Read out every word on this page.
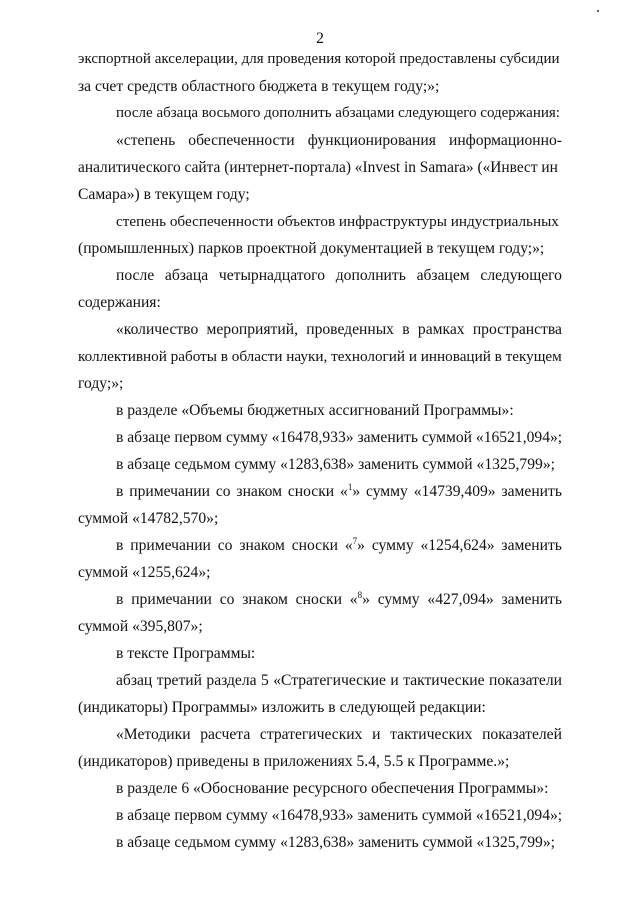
2
экспортной акселерации, для проведения которой предоставлены субсидии
за счет средств областного бюджета в текущем году;»;
после абзаца восьмого дополнить абзацами следующего содержания:
«степень обеспеченности функционирования информационно-
аналитического сайта (интернет-портала) «Invest in Samara» («Инвест ин
Самара») в текущем году;
степень обеспеченности объектов инфраструктуры индустриальных
(промышленных) парков проектной документацией в текущем году;»;
после абзаца четырнадцатого дополнить абзацем следующего
содержания:
«количество мероприятий, проведенных в рамках пространства
коллективной работы в области науки, технологий и инноваций в текущем
году;»;
в разделе «Объемы бюджетных ассигнований Программы»:
в абзаце первом сумму «16478,933» заменить суммой «16521,094»;
в абзаце седьмом сумму «1283,638» заменить суммой «1325,799»;
в примечании со знаком сноски «$^1$» сумму «14739,409» заменить
суммой «14782,570»;
в примечании со знаком сноски «$^7$» сумму «1254,624» заменить
суммой «1255,624»;
в примечании со знаком сноски «$^8$» сумму «427,094» заменить
суммой «395,807»;
в тексте Программы:
абзац третий раздела 5 «Стратегические и тактические показатели
(индикаторы) Программы» изложить в следующей редакции:
«Методики расчета стратегических и тактических показателей
(индикаторов) приведены в приложениях 5.4, 5.5 к Программе.»;
в разделе 6 «Обоснование ресурсного обеспечения Программы»:
в абзаце первом сумму «16478,933» заменить суммой «16521,094»;
в абзаце седьмом сумму «1283,638» заменить суммой «1325,799»;
